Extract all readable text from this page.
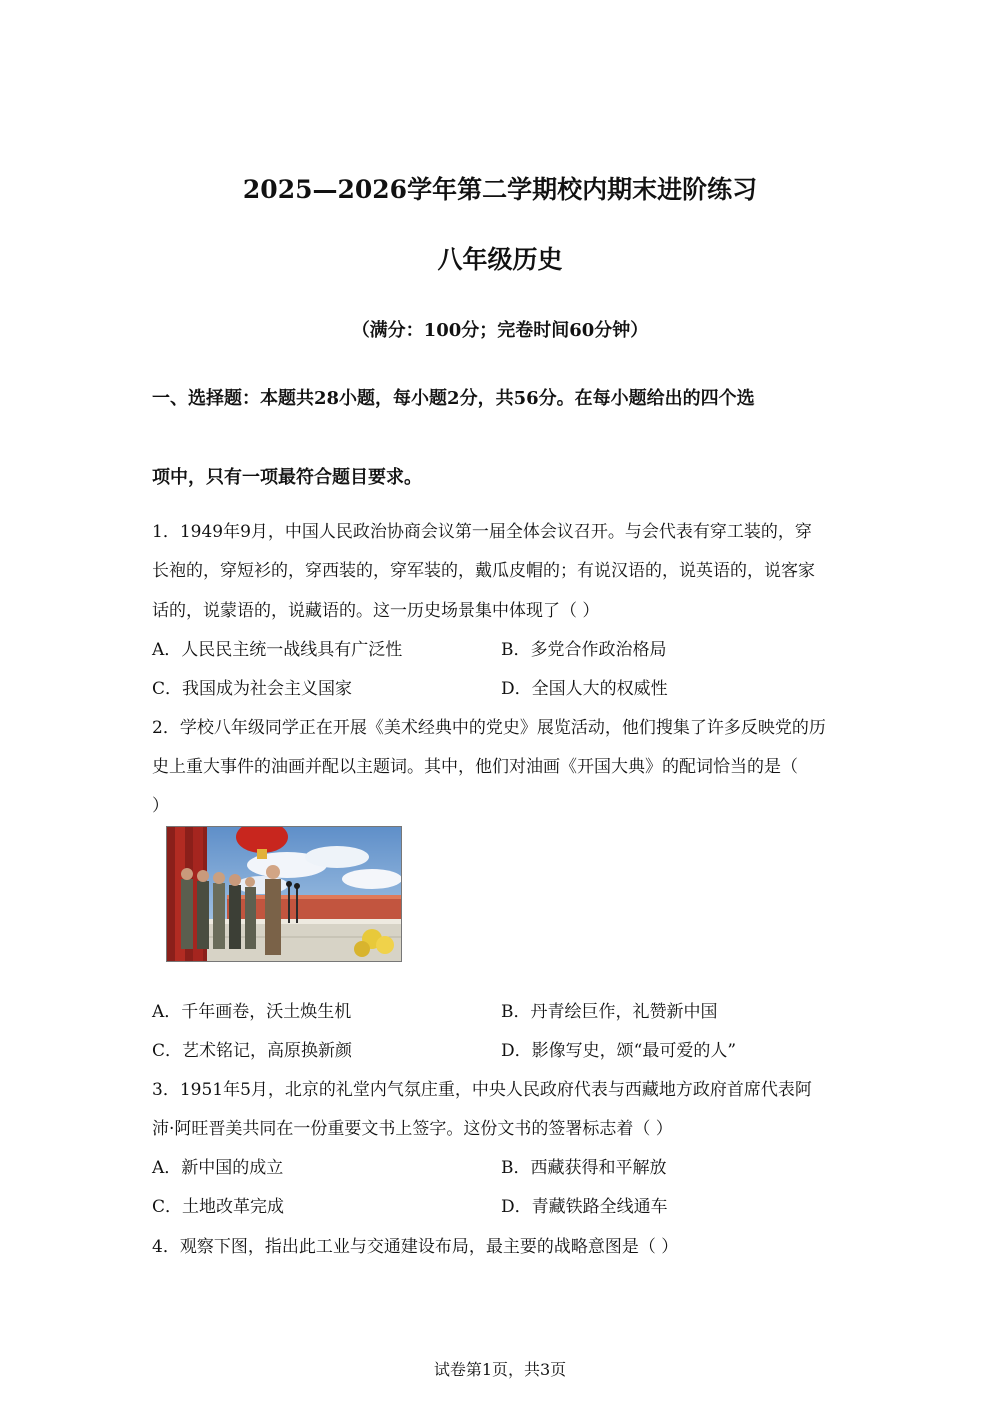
2025—2026学年第二学期校内期末进阶练习
八年级历史
（满分：100分；完卷时间60分钟）
一、选择题：本题共28小题，每小题2分，共56分。在每小题给出的四个选
项中，只有一项最符合题目要求。
1．1949年9月，中国人民政治协商会议第一届全体会议召开。与会代表有穿工装的，穿
长袍的，穿短衫的，穿西装的，穿军装的，戴瓜皮帽的；有说汉语的，说英语的，说客家
话的，说蒙语的，说藏语的。这一历史场景集中体现了（ ）
A．人民民主统一战线具有广泛性	B．多党合作政治格局
C．我国成为社会主义国家	D．全国人大的权威性
2．学校八年级同学正在开展《美术经典中的党史》展览活动，他们搜集了许多反映党的历
史上重大事件的油画并配以主题词。其中，他们对油画《开国大典》的配词恰当的是（
）
A．千年画卷，沃土焕生机	B．丹青绘巨作，礼赞新中国
C．艺术铭记，高原换新颜	D．影像写史，颂“最可爱的人”
3．1951年5月，北京的礼堂内气氛庄重，中央人民政府代表与西藏地方政府首席代表阿
沛·阿旺晋美共同在一份重要文书上签字。这份文书的签署标志着（ ）
A．新中国的成立	B．西藏获得和平解放
C．土地改革完成	D．青藏铁路全线通车
4．观察下图，指出此工业与交通建设布局，最主要的战略意图是（ ）
试卷第1页，共3页
